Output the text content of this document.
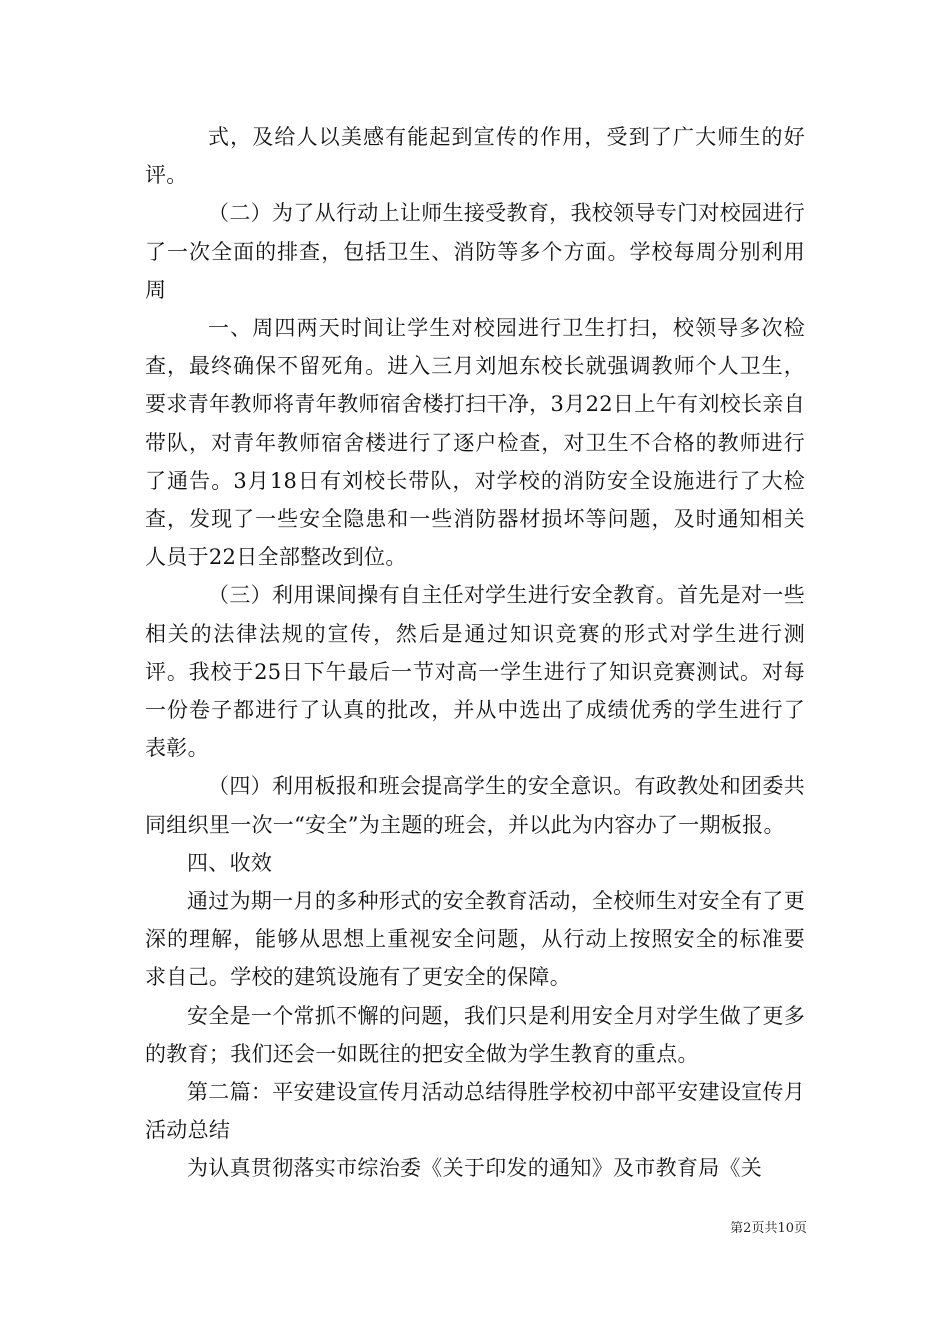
式，及给人以美感有能起到宣传的作用，受到了广大师生的好评。

（二）为了从行动上让师生接受教育，我校领导专门对校园进行了一次全面的排查，包括卫生、消防等多个方面。学校每周分别利用周

一、周四两天时间让学生对校园进行卫生打扫，校领导多次检查，最终确保不留死角。进入三月刘旭东校长就强调教师个人卫生，要求青年教师将青年教师宿舍楼打扫干净，3月22日上午有刘校长亲自带队，对青年教师宿舍楼进行了逐户检查，对卫生不合格的教师进行了通告。3月18日有刘校长带队，对学校的消防安全设施进行了大检查，发现了一些安全隐患和一些消防器材损坏等问题，及时通知相关人员于22日全部整改到位。

（三）利用课间操有自主任对学生进行安全教育。首先是对一些相关的法律法规的宣传，然后是通过知识竞赛的形式对学生进行测评。我校于25日下午最后一节对高一学生进行了知识竞赛测试。对每一份卷子都进行了认真的批改，并从中选出了成绩优秀的学生进行了表彰。

（四）利用板报和班会提高学生的安全意识。有政教处和团委共同组织里一次一“安全”为主题的班会，并以此为内容办了一期板报。

四、收效

通过为期一月的多种形式的安全教育活动，全校师生对安全有了更深的理解，能够从思想上重视安全问题，从行动上按照安全的标准要求自己。学校的建筑设施有了更安全的保障。

安全是一个常抓不懈的问题，我们只是利用安全月对学生做了更多的教育；我们还会一如既往的把安全做为学生教育的重点。

第二篇：平安建设宣传月活动总结得胜学校初中部平安建设宣传月活动总结

为认真贯彻落实市综治委《关于印发的通知》及市教育局《关

第2页共10页
